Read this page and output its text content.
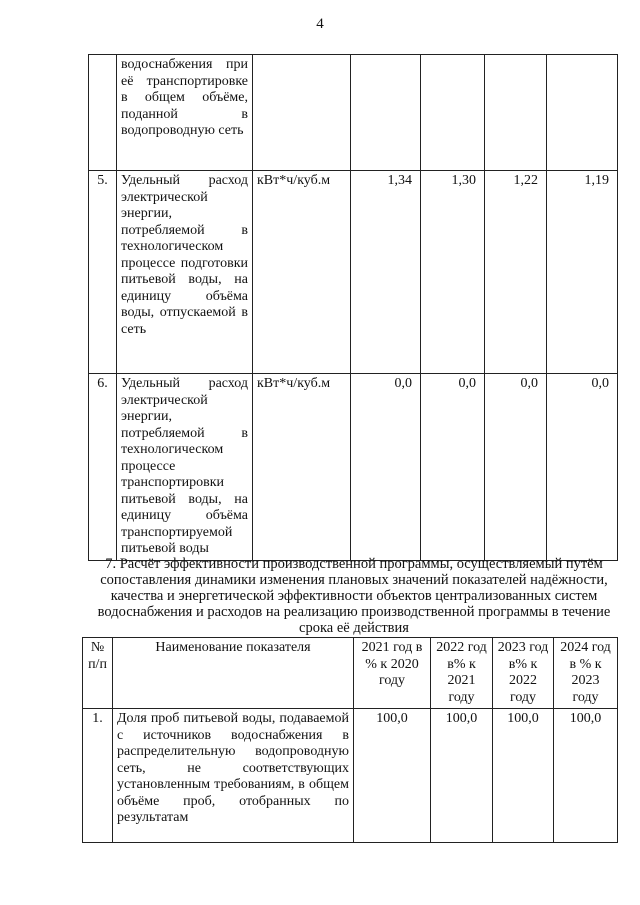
4
	водоснабжения при её транспортировке в общем объёме, поданной в водопроводную сеть					
5.	Удельный расход электрической энергии, потребляемой в технологическом процессе подготовки питьевой воды, на единицу объёма воды, отпускаемой в сеть	кВт*ч/куб.м	1,34	1,30	1,22	1,19
6.	Удельный расход электрической энергии, потребляемой в технологическом процессе транспортировки питьевой воды, на единицу объёма транспортируемой питьевой воды	кВт*ч/куб.м	0,0	0,0	0,0	0,0
7. Расчёт эффективности производственной программы, осуществляемый путём сопоставления динамики изменения плановых значений показателей надёжности, качества и энергетической эффективности объектов централизованных систем водоснабжения и расходов на реализацию производственной программы в течение срока её действия
№ п/п	Наименование показателя	2021 год в % к 2020 году	2022 год в% к 2021 году	2023 год в% к 2022 году	2024 год в % к 2023 году
1.	Доля проб питьевой воды, подаваемой с источников водоснабжения в распределительную водопроводную сеть, не соответствующих установленным требованиям, в общем объёме проб, отобранных по результатам	100,0	100,0	100,0	100,0
